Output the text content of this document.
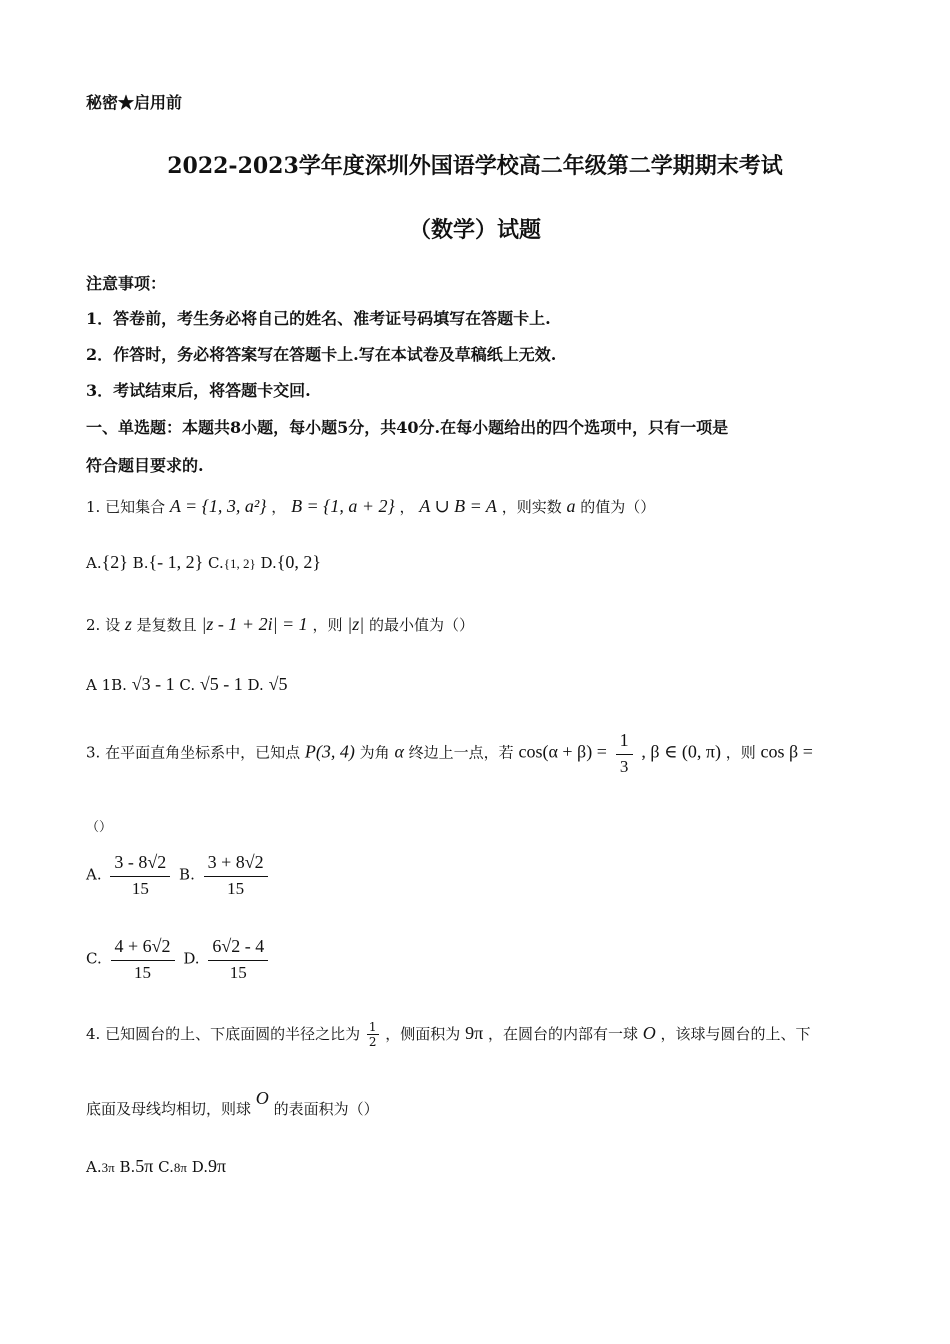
秘密★启用前
2022-2023学年度深圳外国语学校高二年级第二学期期末考试
（数学）试题
注意事项：
1．答卷前，考生务必将自己的姓名、准考证号码填写在答题卡上.
2．作答时，务必将答案写在答题卡上.写在本试卷及草稿纸上无效.
3．考试结束后，将答题卡交回.
一、单选题：本题共8小题，每小题5分，共40分.在每小题给出的四个选项中，只有一项是
符合题目要求的.
1. 已知集合 A = {1, 3, a²} ， B = {1, a + 2} ， A ∪ B = A ，则实数 a 的值为（）
A.{2} B.{- 1, 2} C.{1, 2} D.{0, 2}
2. 设 z 是复数且 |z - 1 + 2i| = 1 ，则 |z| 的最小值为（）
A 1B. √3 - 1 C. √5 - 1 D. √5
3. 在平面直角坐标系中，已知点 P(3, 4) 为角 α 终边上一点，若 $\cos(\alpha + \beta) = \frac{1}{3}$ , β ∈ (0, π) ，则 cos β =
（）
A. $\frac{3 - 8√2}{15} B$. $\frac{3 + 8√2}{15}$
C. $\frac{4 + 6√2}{15} D$. $\frac{6√2 - 4}{15}$
4. 已知圆台的上、下底面圆的半径之比为 $\frac{1}{2}$ ，侧面积为 9π ，在圆台的内部有一球 O ，该球与圆台的上、下
底面及母线均相切，则球 O 的表面积为（）
A.3π B.5π C.8π D.9π
